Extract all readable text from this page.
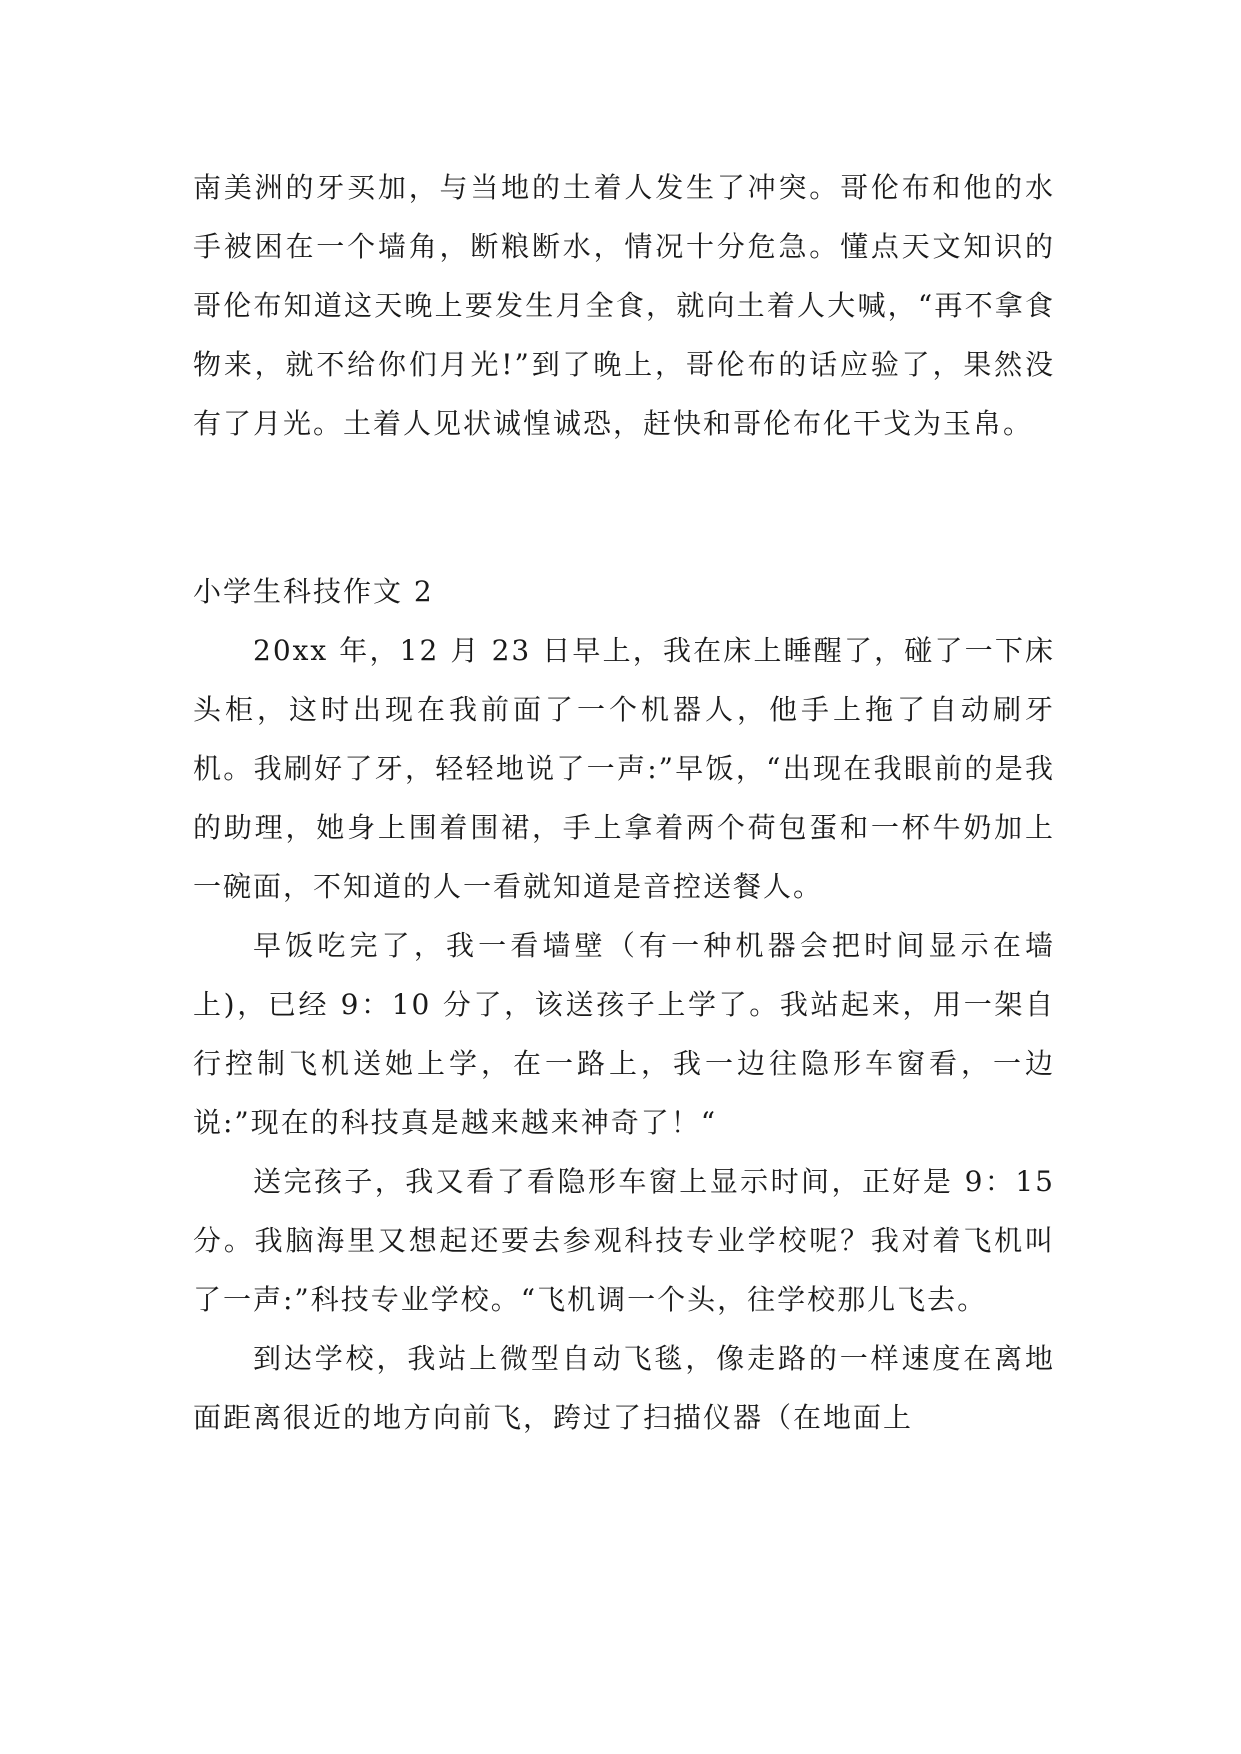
南美洲的牙买加，与当地的土着人发生了冲突。哥伦布和他的水手被困在一个墙角，断粮断水，情况十分危急。懂点天文知识的哥伦布知道这天晚上要发生月全食，就向土着人大喊，“再不拿食物来，就不给你们月光!”到了晚上，哥伦布的话应验了，果然没有了月光。土着人见状诚惶诚恐，赶快和哥伦布化干戈为玉帛。

小学生科技作文 2

20xx 年，12 月 23 日早上，我在床上睡醒了，碰了一下床头柜，这时出现在我前面了一个机器人，他手上拖了自动刷牙机。我刷好了牙，轻轻地说了一声:”早饭，“出现在我眼前的是我的助理，她身上围着围裙，手上拿着两个荷包蛋和一杯牛奶加上一碗面，不知道的人一看就知道是音控送餐人。

早饭吃完了，我一看墙壁（有一种机器会把时间显示在墙上)，已经 9：10 分了，该送孩子上学了。我站起来，用一架自行控制飞机送她上学，在一路上，我一边往隐形车窗看，一边说:”现在的科技真是越来越来神奇了！“

送完孩子，我又看了看隐形车窗上显示时间，正好是 9：15 分。我脑海里又想起还要去参观科技专业学校呢？我对着飞机叫了一声:”科技专业学校。“飞机调一个头，往学校那儿飞去。

到达学校，我站上微型自动飞毯，像走路的一样速度在离地面距离很近的地方向前飞，跨过了扫描仪器（在地面上
